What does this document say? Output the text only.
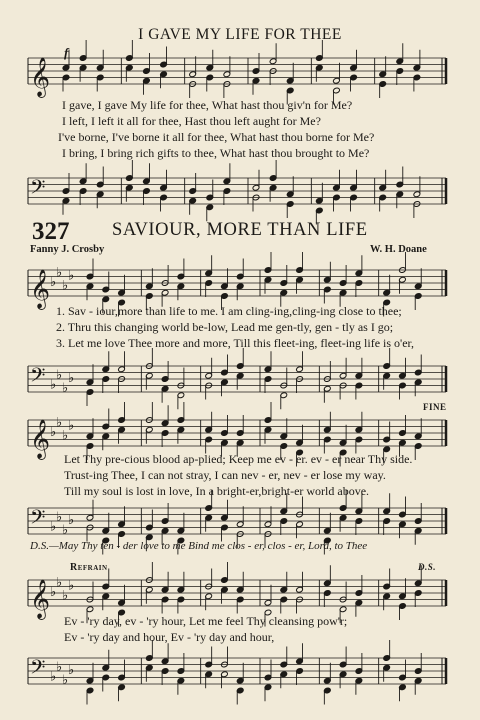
I GAVE MY LIFE FOR THEE
𝄞
f
I gave, I gave My life for thee, What hast thou giv'n for Me?
I left, I left it all for thee, Hast thou left aught for Me?
I've borne, I've borne it all for thee, What hast thou borne for Me?
I bring, I bring rich gifts to thee, What hast thou brought to Me?
𝄢
327 SAVIOUR, MORE THAN LIFE
Fanny J. Crosby	W. H. Doane
𝄞 ♭
♭
♭
♭
1. Sav - iour,more than life to me. I am cling-ing,cling-ing close to thee;
2. Thru this changing world be-low, Lead me gen-tly, gen - tly as I go;
3. Let me love Thee more and more, Till this fleet-ing, fleet-ing life is o'er,
𝄢 ♭
♭
♭
♭
FINE
𝄞 ♭
♭
♭
♭
Let Thy pre-cious blood ap-plied; Keep me ev - er. ev - er near Thy side.
Trust-ing Thee, I can not stray, I can nev - er, nev - er lose my way.
Till my soul is lost in love, In a bright-er,bright-er world above.
𝄢 ♭
♭
♭
♭
D.S.—May Thy ten - der love to me Bind me clos - er, clos - er, Lord, to Thee
Refrain	D.S.
𝄞 ♭
♭
♭
♭
Ev - 'ry day, ev - 'ry hour, Let me feel Thy cleansing pow'r;
Ev - 'ry day and hour, Ev - 'ry day and hour,
𝄢 ♭
♭
♭
♭
